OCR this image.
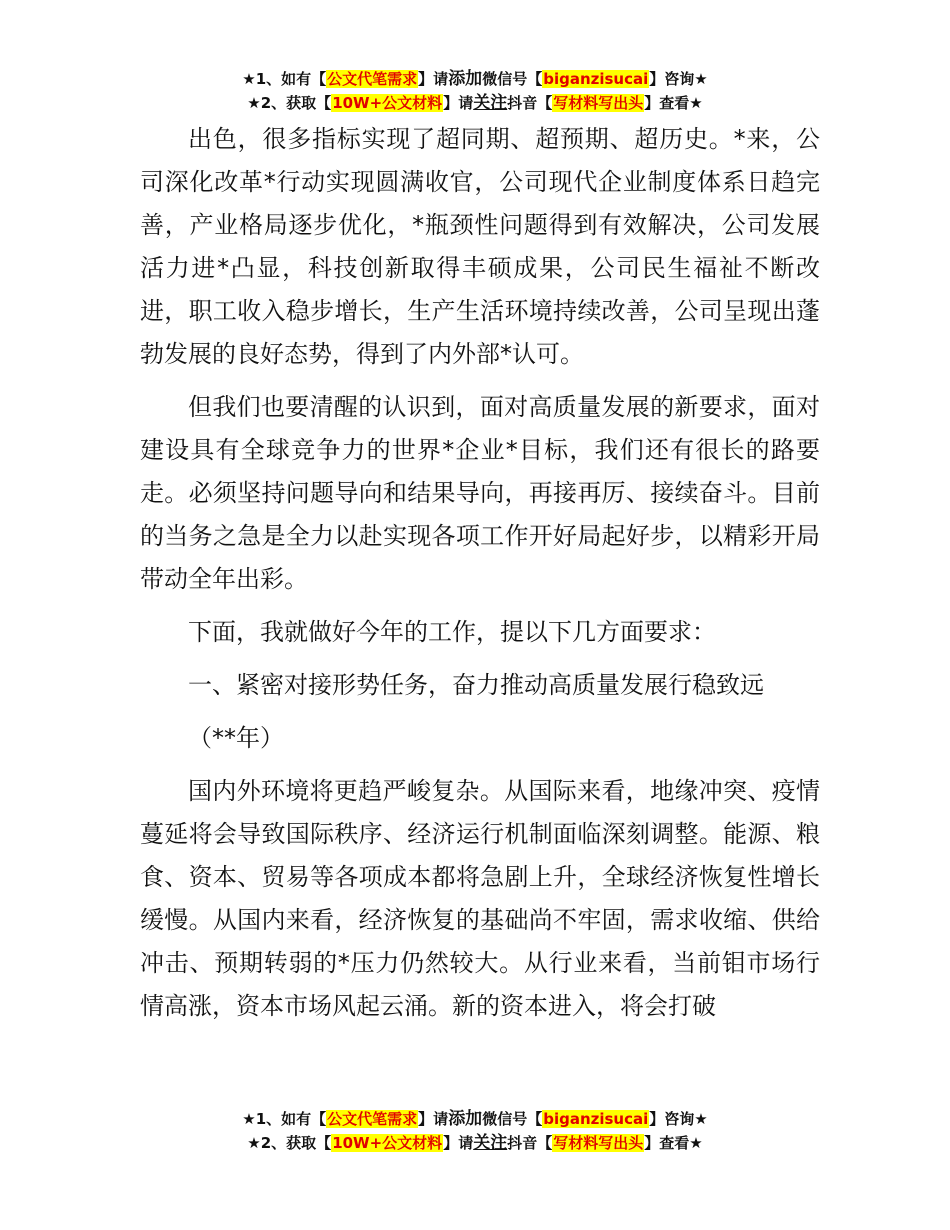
★1、如有【公文代笔需求】请添加微信号【biganzisucai】咨询★
★2、获取【10W+公文材料】请关注抖音【写材料写出头】查看★

出色，很多指标实现了超同期、超预期、超历史。*来，公司深化改革*行动实现圆满收官，公司现代企业制度体系日趋完善，产业格局逐步优化，*瓶颈性问题得到有效解决，公司发展活力进*凸显，科技创新取得丰硕成果，公司民生福祉不断改进，职工收入稳步增长，生产生活环境持续改善，公司呈现出蓬勃发展的良好态势，得到了内外部*认可。

但我们也要清醒的认识到，面对高质量发展的新要求，面对建设具有全球竞争力的世界*企业*目标，我们还有很长的路要走。必须坚持问题导向和结果导向，再接再厉、接续奋斗。目前的当务之急是全力以赴实现各项工作开好局起好步，以精彩开局带动全年出彩。

下面，我就做好今年的工作，提以下几方面要求：

一、紧密对接形势任务，奋力推动高质量发展行稳致远

（**年）

国内外环境将更趋严峻复杂。从国际来看，地缘冲突、疫情蔓延将会导致国际秩序、经济运行机制面临深刻调整。能源、粮食、资本、贸易等各项成本都将急剧上升，全球经济恢复性增长缓慢。从国内来看，经济恢复的基础尚不牢固，需求收缩、供给冲击、预期转弱的*压力仍然较大。从行业来看，当前钼市场行情高涨，资本市场风起云涌。新的资本进入，将会打破

★1、如有【公文代笔需求】请添加微信号【biganzisucai】咨询★
★2、获取【10W+公文材料】请关注抖音【写材料写出头】查看★
